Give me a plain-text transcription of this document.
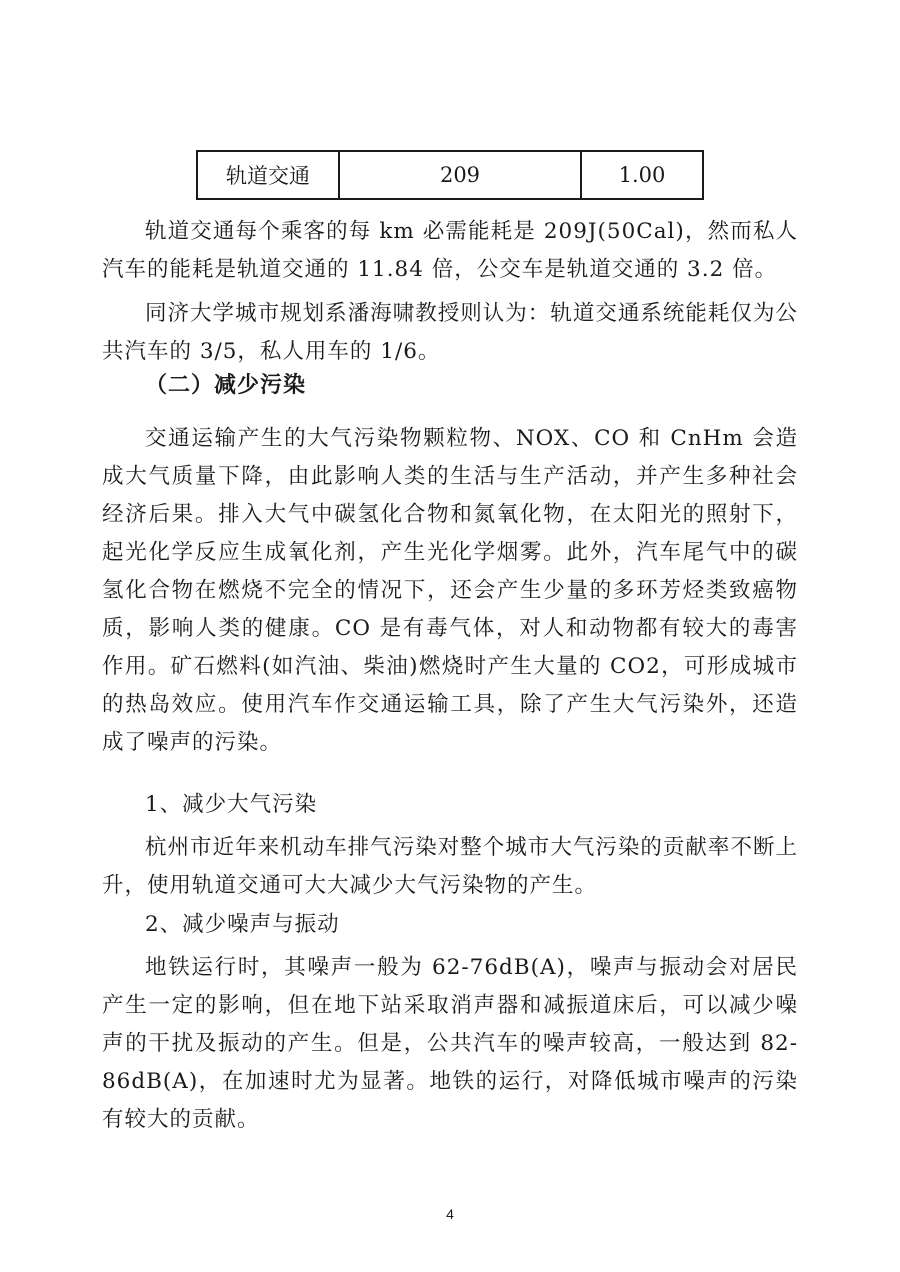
轨道交通	209	1.00

轨道交通每个乘客的每 km 必需能耗是 209J(50Cal)，然而私人汽车的能耗是轨道交通的 11.84 倍，公交车是轨道交通的 3.2 倍。

同济大学城市规划系潘海啸教授则认为：轨道交通系统能耗仅为公共汽车的 3/5，私人用车的 1/6。

（二）减少污染

交通运输产生的大气污染物颗粒物、NOX、CO 和 CnHm 会造成大气质量下降，由此影响人类的生活与生产活动，并产生多种社会经济后果。排入大气中碳氢化合物和氮氧化物，在太阳光的照射下，起光化学反应生成氧化剂，产生光化学烟雾。此外，汽车尾气中的碳氢化合物在燃烧不完全的情况下，还会产生少量的多环芳烃类致癌物质，影响人类的健康。CO 是有毒气体，对人和动物都有较大的毒害作用。矿石燃料(如汽油、柴油)燃烧时产生大量的 CO2，可形成城市的热岛效应。使用汽车作交通运输工具，除了产生大气污染外，还造成了噪声的污染。

1、减少大气污染

杭州市近年来机动车排气污染对整个城市大气污染的贡献率不断上升，使用轨道交通可大大减少大气污染物的产生。

2、减少噪声与振动

地铁运行时，其噪声一般为 62-76dB(A)，噪声与振动会对居民产生一定的影响，但在地下站采取消声器和减振道床后，可以减少噪声的干扰及振动的产生。但是，公共汽车的噪声较高，一般达到 82-86dB(A)，在加速时尤为显著。地铁的运行，对降低城市噪声的污染有较大的贡献。

4
